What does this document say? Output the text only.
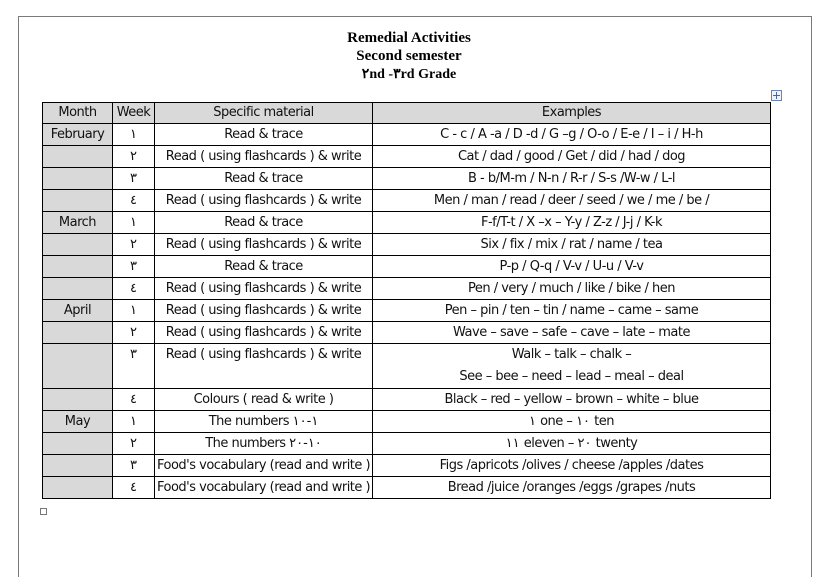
Remedial Activities
Second semester
٢nd -٣rd Grade
Month	Week	Specific material	Examples
February	١	Read & trace	C - c / A -a / D -d / G –g / O-o / E-e / I – i / H-h
	٢	Read ( using flashcards ) & write	Cat / dad / good / Get / did / had / dog
	٣	Read & trace	B - b/M-m / N-n / R-r / S-s /W-w / L-l
	٤	Read ( using flashcards ) & write	Men / man / read / deer / seed / we / me / be /
March	١	Read & trace	F-f/T-t / X –x – Y-y / Z-z / J-j / K-k
	٢	Read ( using flashcards ) & write	Six / fix / mix / rat / name / tea
	٣	Read & trace	P-p / Q-q / V-v / U-u / V-v
	٤	Read ( using flashcards ) & write	Pen / very / much / like / bike / hen
April	١	Read ( using flashcards ) & write	Pen – pin / ten – tin / name – came – same
	٢	Read ( using flashcards ) & write	Wave – save – safe – cave – late – mate
	٣	Read ( using flashcards ) & write	Walk – talk – chalk –
See – bee – need – lead – meal – deal

	٤	Colours ( read & write )	Black – red – yellow – brown – white – blue
May	١	The numbers ١-١٠	١ one – ١٠ ten
	٢	The numbers ١٠-٢٠	١١ eleven – ٢٠ twenty
	٣	Food's vocabulary (read and write )	Figs /apricots /olives / cheese /apples /dates
	٤	Food's vocabulary (read and write )	Bread /juice /oranges /eggs /grapes /nuts
